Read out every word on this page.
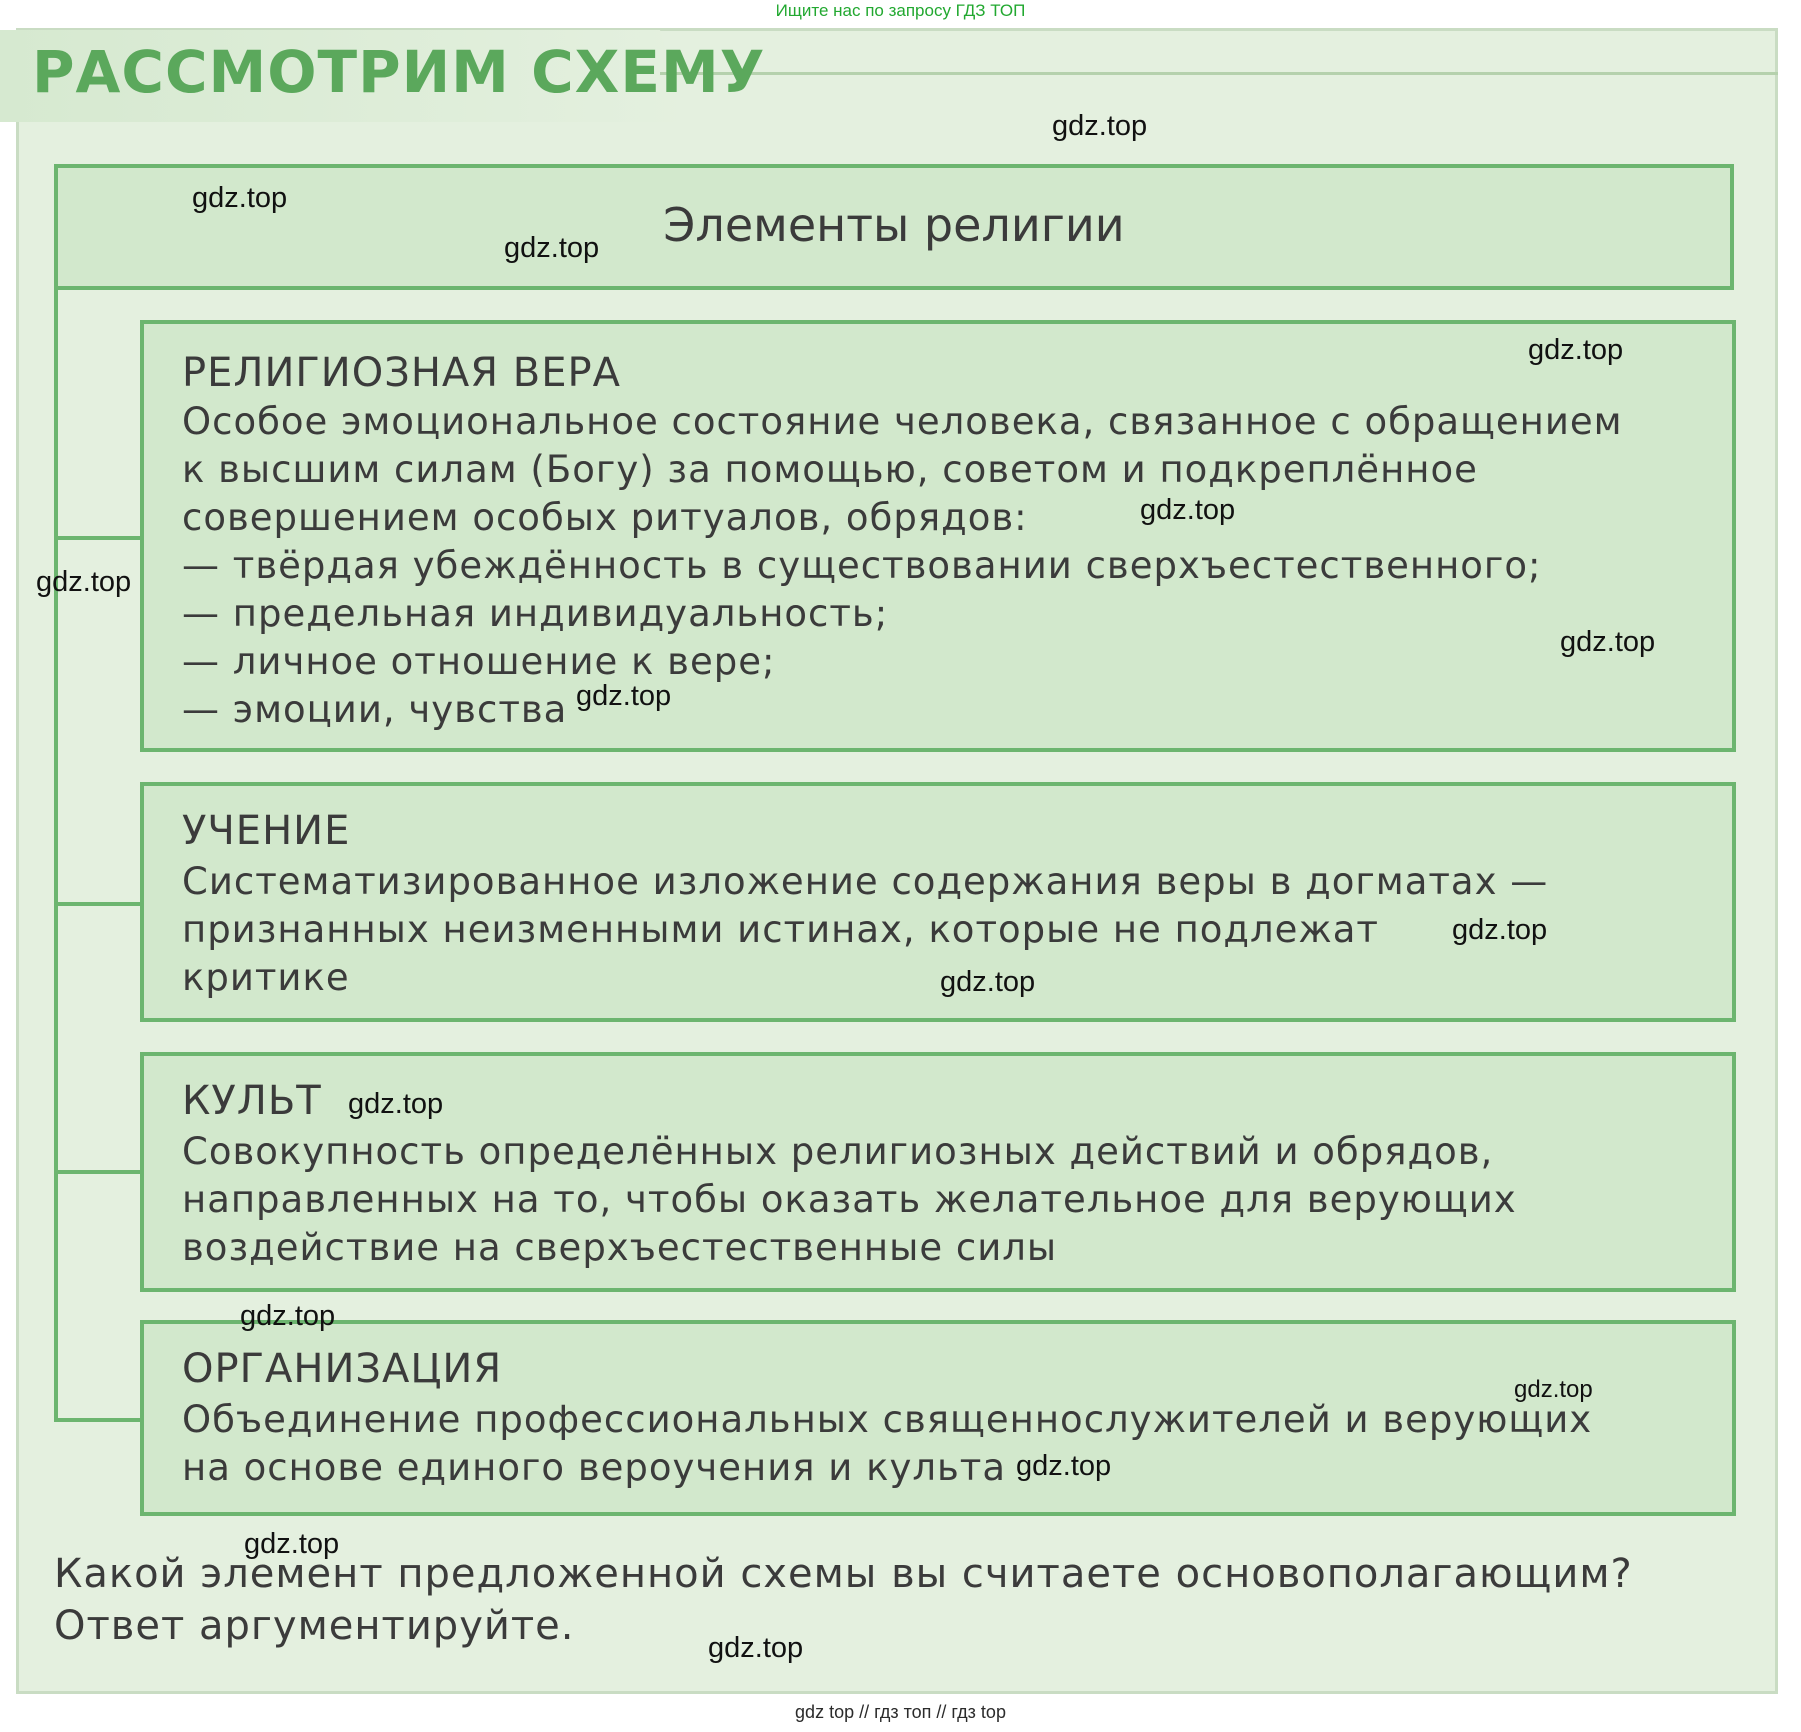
Ищите нас по запросу ГДЗ ТОП
РАССМОТРИМ СХЕМУ
Элементы религии
РЕЛИГИОЗНАЯ ВЕРА
Особое эмоциональное состояние человека, связанное с обращением
к высшим силам (Богу) за помощью, советом и подкреплённое
совершением особых ритуалов, обрядов:
— твёрдая убеждённость в существовании сверхъестественного;
— предельная индивидуальность;
— личное отношение к вере;
— эмоции, чувства
УЧЕНИЕ
Систематизированное изложение содержания веры в догматах —
признанных неизменными истинах, которые не подлежат
критике
КУЛЬТ
Совокупность определённых религиозных действий и обрядов,
направленных на то, чтобы оказать желательное для верующих
воздействие на сверхъестественные силы
ОРГАНИЗАЦИЯ
Объединение профессиональных священнослужителей и верующих
на основе единого вероучения и культа
Какой элемент предложенной схемы вы считаете основополагающим? Ответ аргументируйте.
gdz.top
gdz.top
gdz.top
gdz.top
gdz.top
gdz.top
gdz.top
gdz.top
gdz.top
gdz.top
gdz.top
gdz.top
gdz.top
gdz.top
gdz.top
gdz.top
gdz top // гдз топ // гдз top
